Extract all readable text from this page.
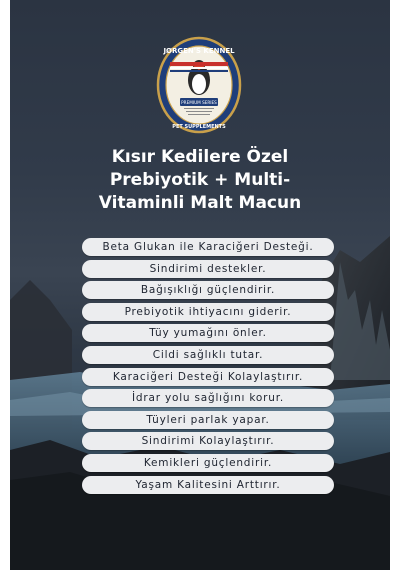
JØRGEN'S KENNEL
PET SUPPLEMENTS
PREMIUM SERIES
Kısır Kedilere Özel
Prebiyotik + Multi-
Vitaminli Malt Macun
Beta Glukan ile Karaciğeri Desteği.
Sindirimi destekler.
Bağışıklığı güçlendirir.
Prebiyotik ihtiyacını giderir.
Tüy yumağını önler.
Cildi sağlıklı tutar.
Karaciğeri Desteği Kolaylaştırır.
İdrar yolu sağlığını korur.
Tüyleri parlak yapar.
Sindirimi Kolaylaştırır.
Kemikleri güçlendirir.
Yaşam Kalitesini Arttırır.
